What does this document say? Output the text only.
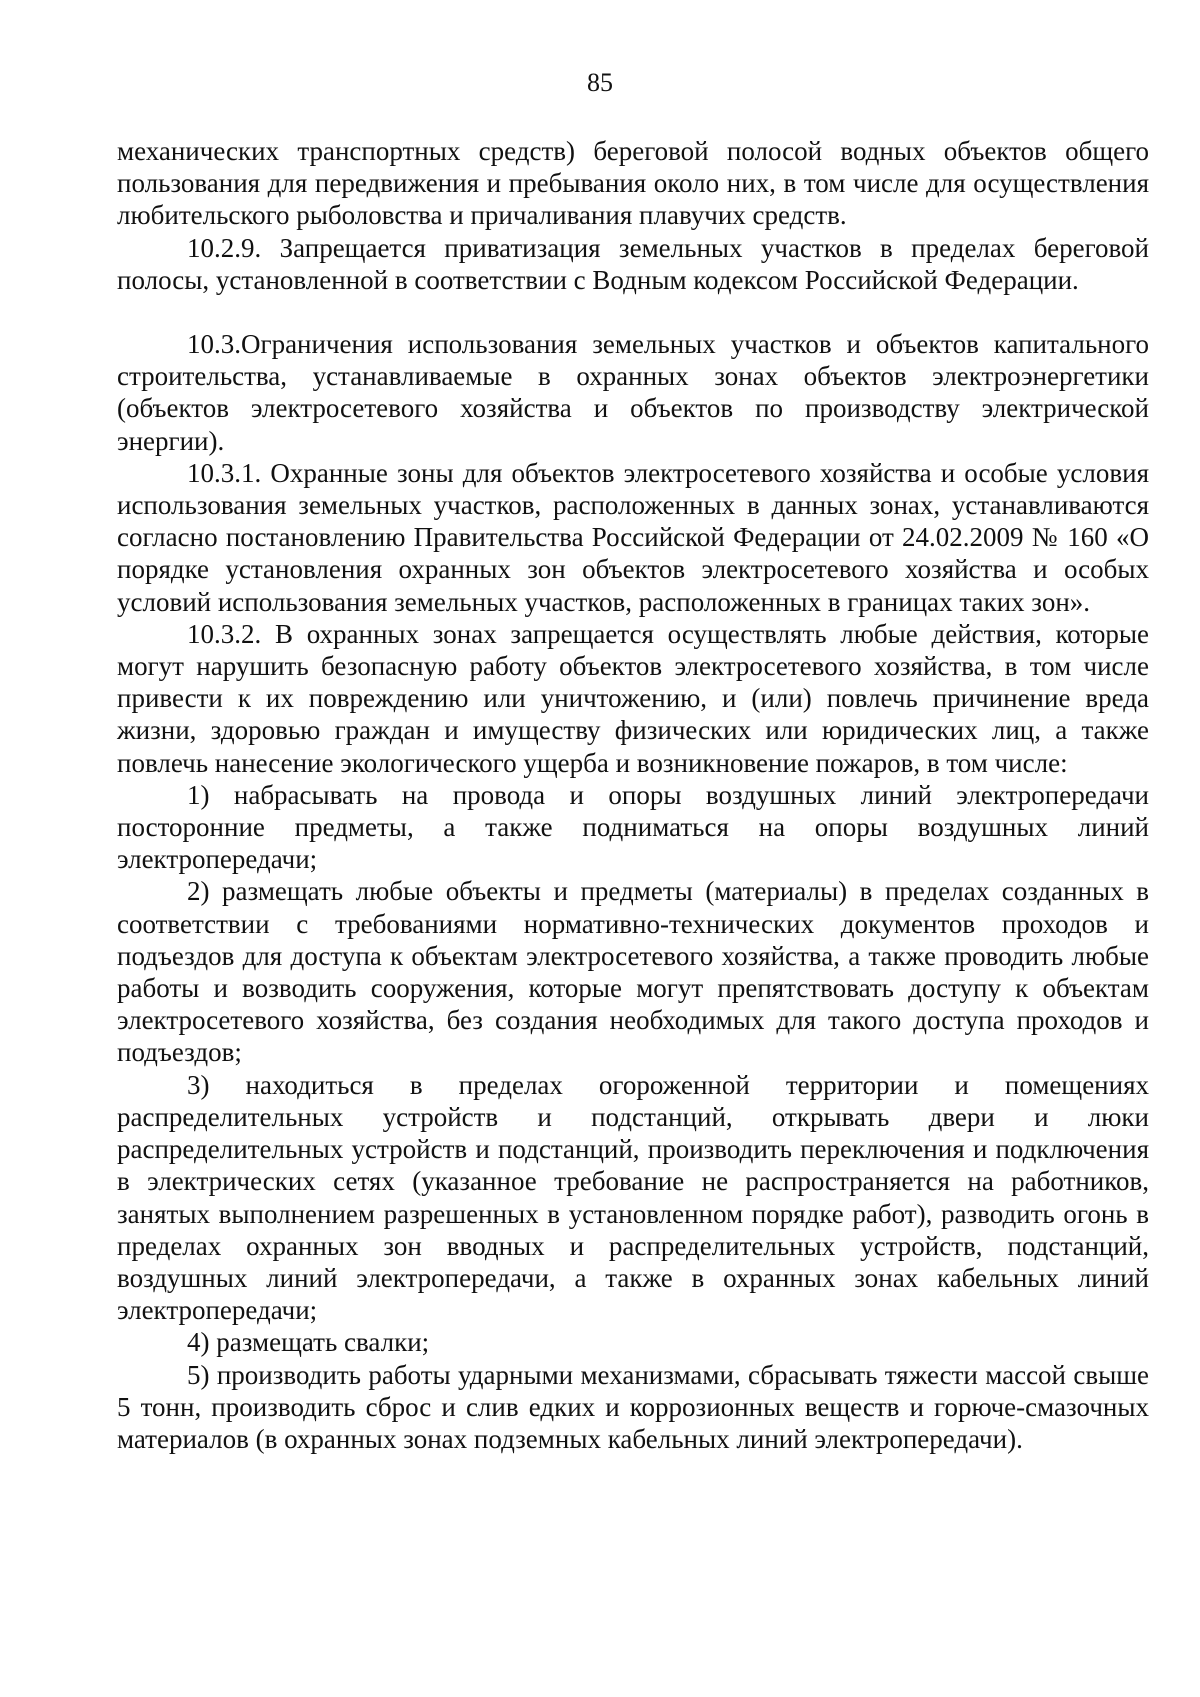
85

механических транспортных средств) береговой полосой водных объектов общего пользования для передвижения и пребывания около них, в том числе для осуществления любительского рыболовства и причаливания плавучих средств.

10.2.9. Запрещается приватизация земельных участков в пределах береговой полосы, установленной в соответствии с Водным кодексом Российской Федерации.

10.3.Ограничения использования земельных участков и объектов капитального строительства, устанавливаемые в охранных зонах объектов электроэнергетики (объектов электросетевого хозяйства и объектов по производству электрической энергии).

10.3.1. Охранные зоны для объектов электросетевого хозяйства и особые условия использования земельных участков, расположенных в данных зонах, устанавливаются согласно постановлению Правительства Российской Федерации от 24.02.2009 № 160 «О порядке установления охранных зон объектов электросетевого хозяйства и особых условий использования земельных участков, расположенных в границах таких зон».

10.3.2. В охранных зонах запрещается осуществлять любые действия, которые могут нарушить безопасную работу объектов электросетевого хозяйства, в том числе привести к их повреждению или уничтожению, и (или) повлечь причинение вреда жизни, здоровью граждан и имуществу физических или юридических лиц, а также повлечь нанесение экологического ущерба и возникновение пожаров, в том числе:

1) набрасывать на провода и опоры воздушных линий электропередачи посторонние предметы, а также подниматься на опоры воздушных линий электропередачи;

2) размещать любые объекты и предметы (материалы) в пределах созданных в соответствии с требованиями нормативно-технических документов проходов и подъездов для доступа к объектам электросетевого хозяйства, а также проводить любые работы и возводить сооружения, которые могут препятствовать доступу к объектам электросетевого хозяйства, без создания необходимых для такого доступа проходов и подъездов;

3) находиться в пределах огороженной территории и помещениях распределительных устройств и подстанций, открывать двери и люки распределительных устройств и подстанций, производить переключения и подключения в электрических сетях (указанное требование не распространяется на работников, занятых выполнением разрешенных в установленном порядке работ), разводить огонь в пределах охранных зон вводных и распределительных устройств, подстанций, воздушных линий электропередачи, а также в охранных зонах кабельных линий электропередачи;

4) размещать свалки;

5) производить работы ударными механизмами, сбрасывать тяжести массой свыше 5 тонн, производить сброс и слив едких и коррозионных веществ и горюче-смазочных материалов (в охранных зонах подземных кабельных линий электропередачи).
